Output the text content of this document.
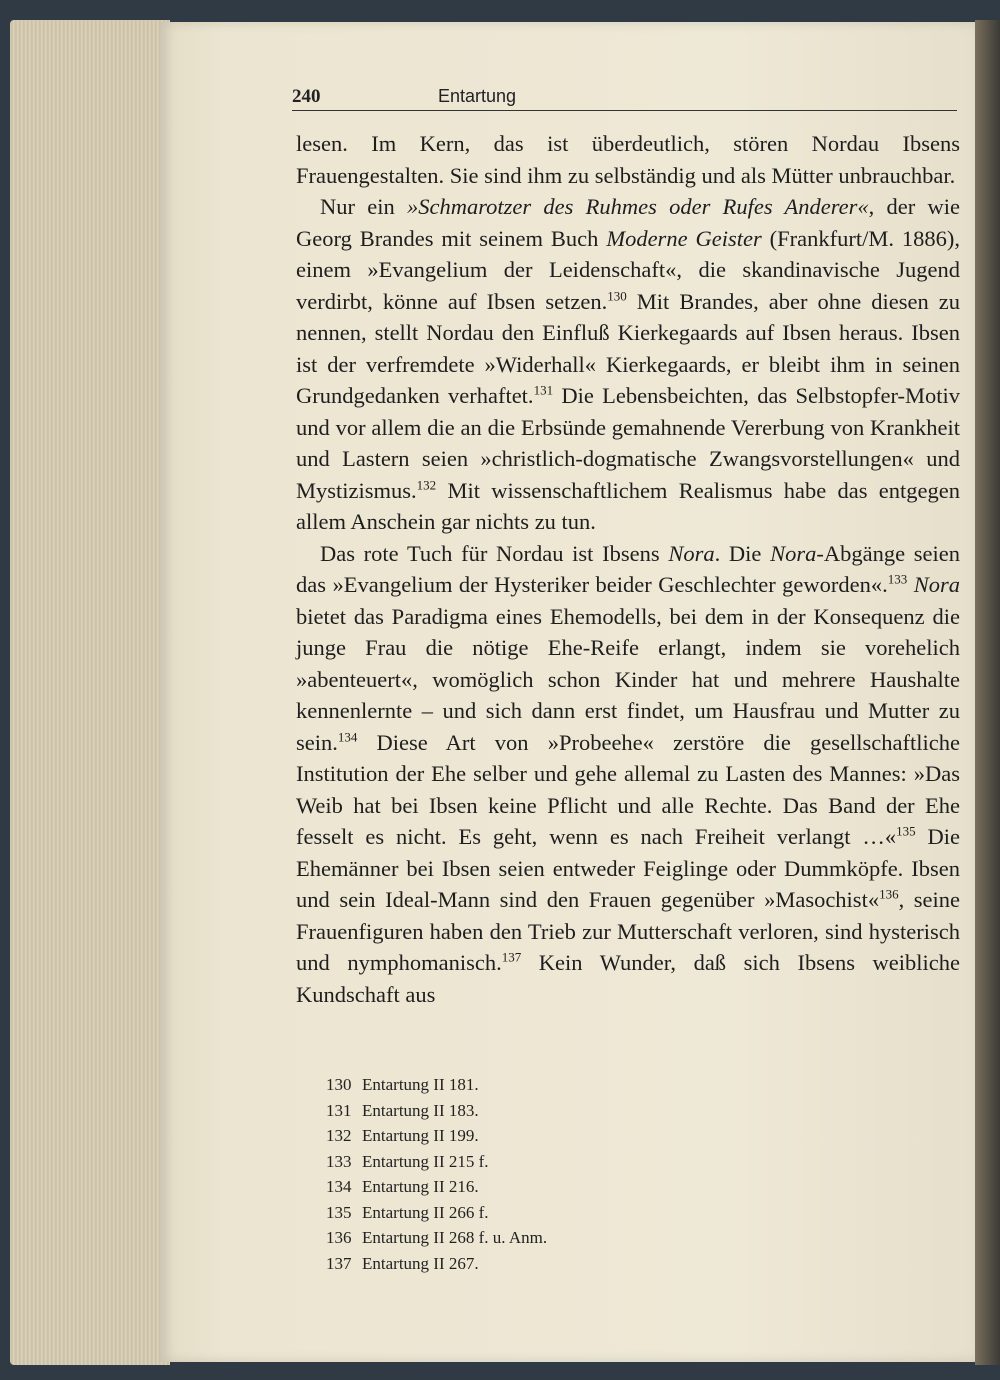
240	Entartung

lesen. Im Kern, das ist überdeutlich, stören Nordau Ibsens Frauengestalten. Sie sind ihm zu selbständig und als Mütter unbrauchbar.

Nur ein »Schmarotzer des Ruhmes oder Rufes Anderer«, der wie Georg Brandes mit seinem Buch Moderne Geister (Frankfurt/M. 1886), einem »Evangelium der Leidenschaft«, die skandinavische Jugend verdirbt, könne auf Ibsen setzen.$^{130}$ Mit Brandes, aber ohne diesen zu nennen, stellt Nordau den Einfluß Kierkegaards auf Ibsen heraus. Ibsen ist der verfremdete »Widerhall« Kierkegaards, er bleibt ihm in seinen Grundgedanken verhaftet.$^{131}$ Die Lebensbeichten, das Selbstopfer-Motiv und vor allem die an die Erbsünde gemahnende Vererbung von Krankheit und Lastern seien »christlich-dogmatische Zwangsvorstellungen« und Mystizismus.$^{132}$ Mit wissenschaftlichem Realismus habe das entgegen allem Anschein gar nichts zu tun.

Das rote Tuch für Nordau ist Ibsens Nora. Die Nora-Abgänge seien das »Evangelium der Hysteriker beider Geschlechter geworden«.$^{133}$ Nora bietet das Paradigma eines Ehemodells, bei dem in der Konsequenz die junge Frau die nötige Ehe-Reife erlangt, indem sie vorehelich »abenteuert«, womöglich schon Kinder hat und mehrere Haushalte kennenlernte – und sich dann erst findet, um Hausfrau und Mutter zu sein.$^{134}$ Diese Art von »Probeehe« zerstöre die gesellschaftliche Institution der Ehe selber und gehe allemal zu Lasten des Mannes: »Das Weib hat bei Ibsen keine Pflicht und alle Rechte. Das Band der Ehe fesselt es nicht. Es geht, wenn es nach Freiheit verlangt …«$^{135}$ Die Ehemänner bei Ibsen seien entweder Feiglinge oder Dummköpfe. Ibsen und sein Ideal-Mann sind den Frauen gegenüber »Masochist«$^{136}$, seine Frauenfiguren haben den Trieb zur Mutterschaft verloren, sind hysterisch und nymphomanisch.$^{137}$ Kein Wunder, daß sich Ibsens weibliche Kundschaft aus

130 Entartung II 181.
131 Entartung II 183.
132 Entartung II 199.
133 Entartung II 215 f.
134 Entartung II 216.
135 Entartung II 266 f.
136 Entartung II 268 f. u. Anm.
137 Entartung II 267.
